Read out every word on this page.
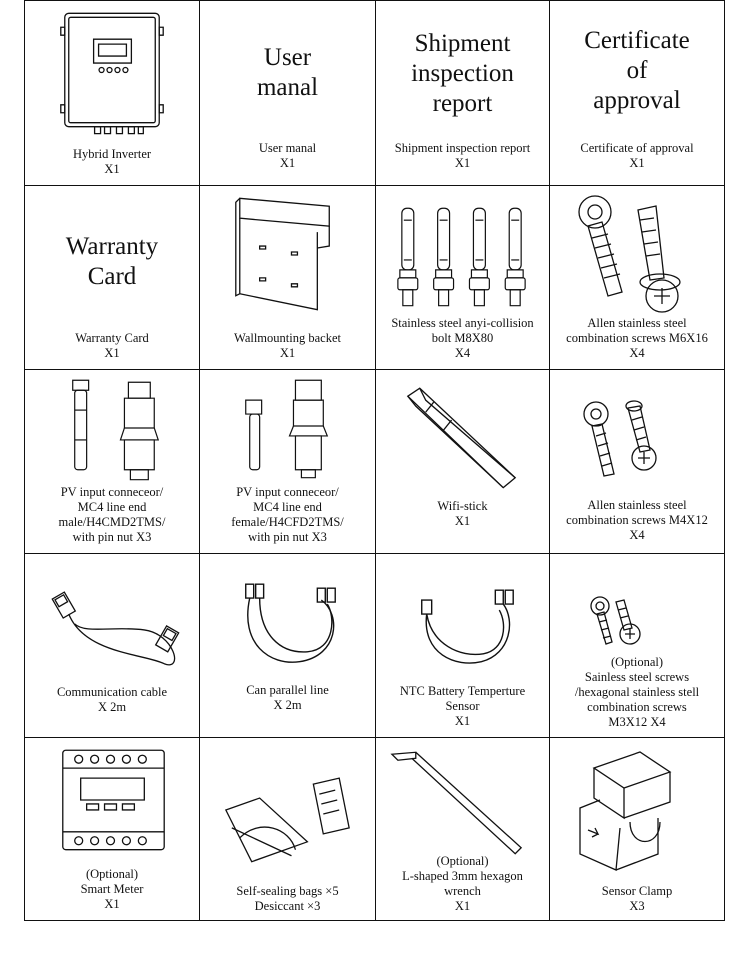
Hybrid Inverter
X1
User
manal
User manal
X1
Shipment
inspection
report
Shipment inspection report
X1
Certificate
of
approval
Certificate of approval
X1
Warranty
Card
Warranty Card
X1
Wallmounting backet
X1
Stainless steel anyi-collision
bolt M8X80
X4
Allen stainless steel
combination screws M6X16
X4
PV input conneceor/
MC4 line end
male/H4CMD2TMS/
with pin nut X3
PV input conneceor/
MC4 line end
female/H4CFD2TMS/
with pin nut X3
Wifi-stick
X1
Allen stainless steel
combination screws M4X12
X4
Communication cable
X 2m
Can parallel line
X 2m
NTC Battery Temperture
Sensor
X1
(Optional)
Sainless steel screws
/hexagonal stainless stell
combination screws
M3X12 X4
(Optional)
Smart Meter
X1
Self-sealing bags ×5
Desiccant ×3
(Optional)
L-shaped 3mm hexagon
wrench
X1
Sensor Clamp
X3
